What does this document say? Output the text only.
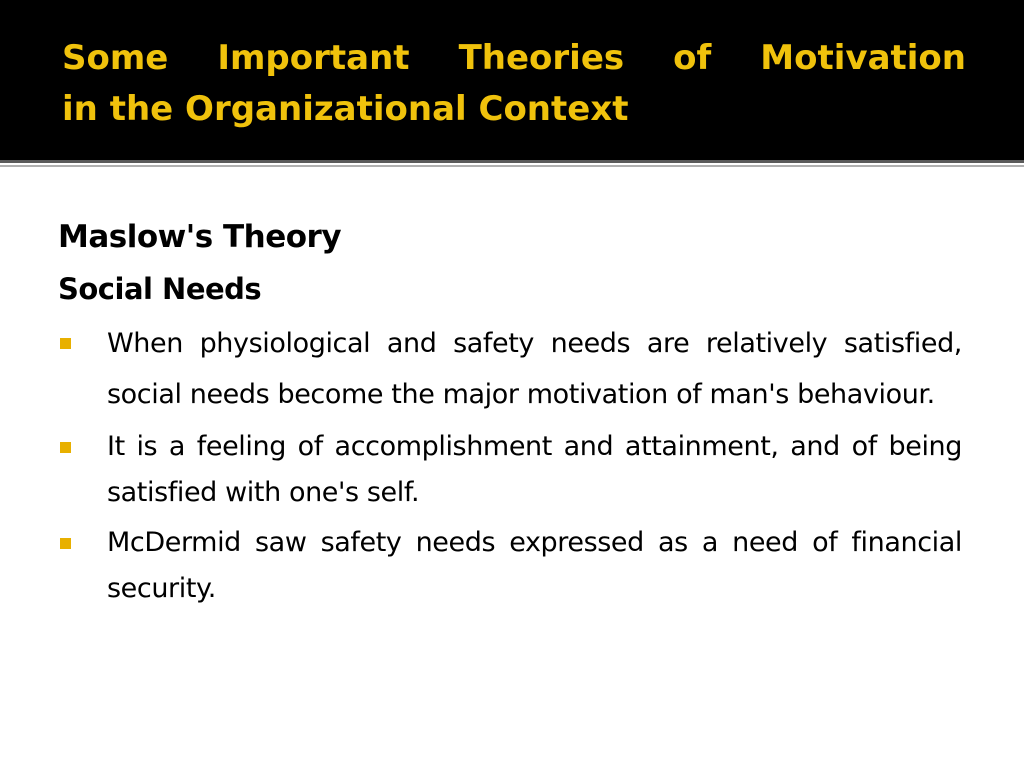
Some Important Theories of Motivation
in the Organizational Context

Maslow's Theory

Social Needs

When physiological and safety needs are relatively satisfied, social needs become the major motivation of man's behaviour.
It is a feeling of accomplishment and attainment, and of being satisfied with one's self.
McDermid saw safety needs expressed as a need of financial security.
